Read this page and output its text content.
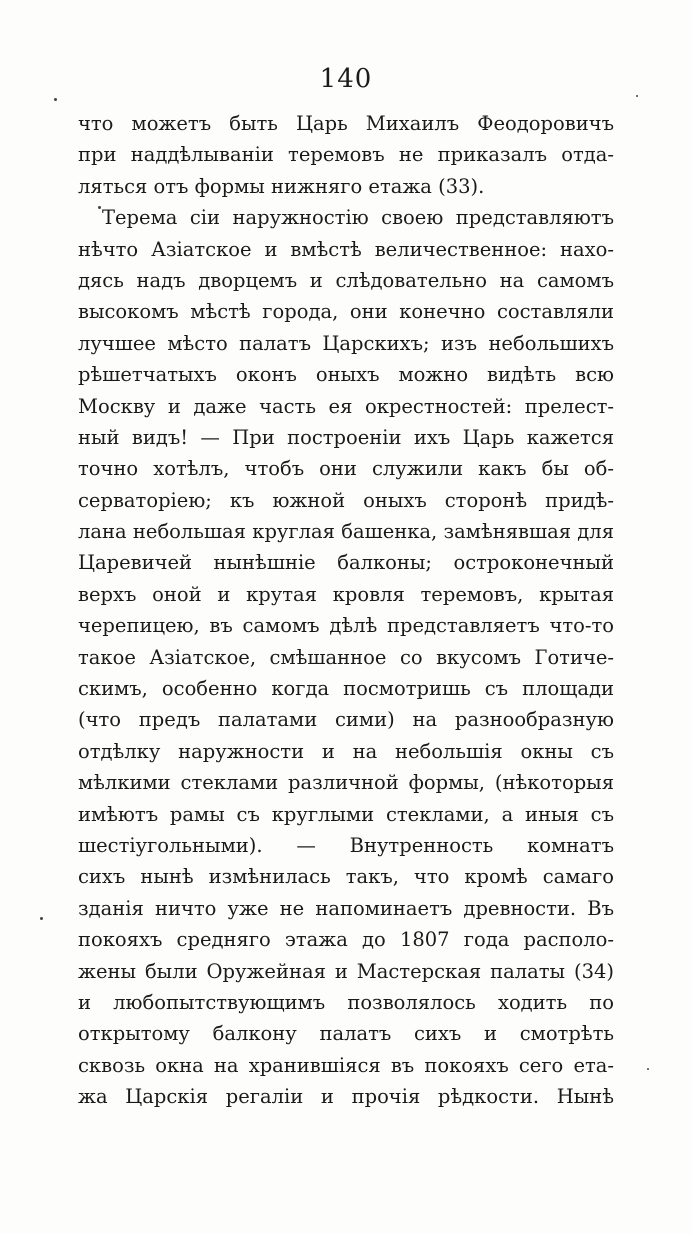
140
что можетъ быть Царь Михаилъ Феодоровичъ
при наддѣлываніи теремовъ не приказалъ отда-
ляться отъ формы нижняго етажа (33).
Терема сіи наружностію своею представляютъ
нѣчто Азіатское и вмѣстѣ величественное: нахо-
дясь надъ дворцемъ и слѣдовательно на самомъ
высокомъ мѣстѣ города, они конечно составляли
лучшее мѣсто палатъ Царскихъ; изъ небольшихъ
рѣшетчатыхъ оконъ оныхъ можно видѣть всю
Москву и даже часть ея окрестностей: прелест-
ный видъ! — При построеніи ихъ Царь кажется
точно хотѣлъ, чтобъ они служили какъ бы об-
серваторіею; къ южной оныхъ сторонѣ придѣ-
лана небольшая круглая башенка, замѣнявшая для
Царевичей нынѣшніе балконы; остроконечный
верхъ оной и крутая кровля теремовъ, крытая
черепицею, въ самомъ дѣлѣ представляетъ что-то
такое Азіатское, смѣшанное со вкусомъ Готиче-
скимъ, особенно когда посмотришь съ площади
(что предъ палатами сими) на разнообразную
отдѣлку наружности и на небольшія окны съ
мѣлкими стеклами различной формы, (нѣкоторыя
имѣютъ рамы съ круглыми стеклами, а иныя съ
шестіугольными). — Внутренность комнатъ
сихъ нынѣ измѣнилась такъ, что кромѣ самаго
зданія ничто уже не напоминаетъ древности. Въ
покояхъ средняго этажа до 1807 года располо-
жены были Оружейная и Мастерская палаты (34)
и любопытствующимъ позволялось ходить по
открытому балкону палатъ сихъ и смотрѣть
сквозь окна на хранившіяся въ покояхъ сего етa-
жа Царскія регаліи и прочія рѣдкости. Нынѣ
